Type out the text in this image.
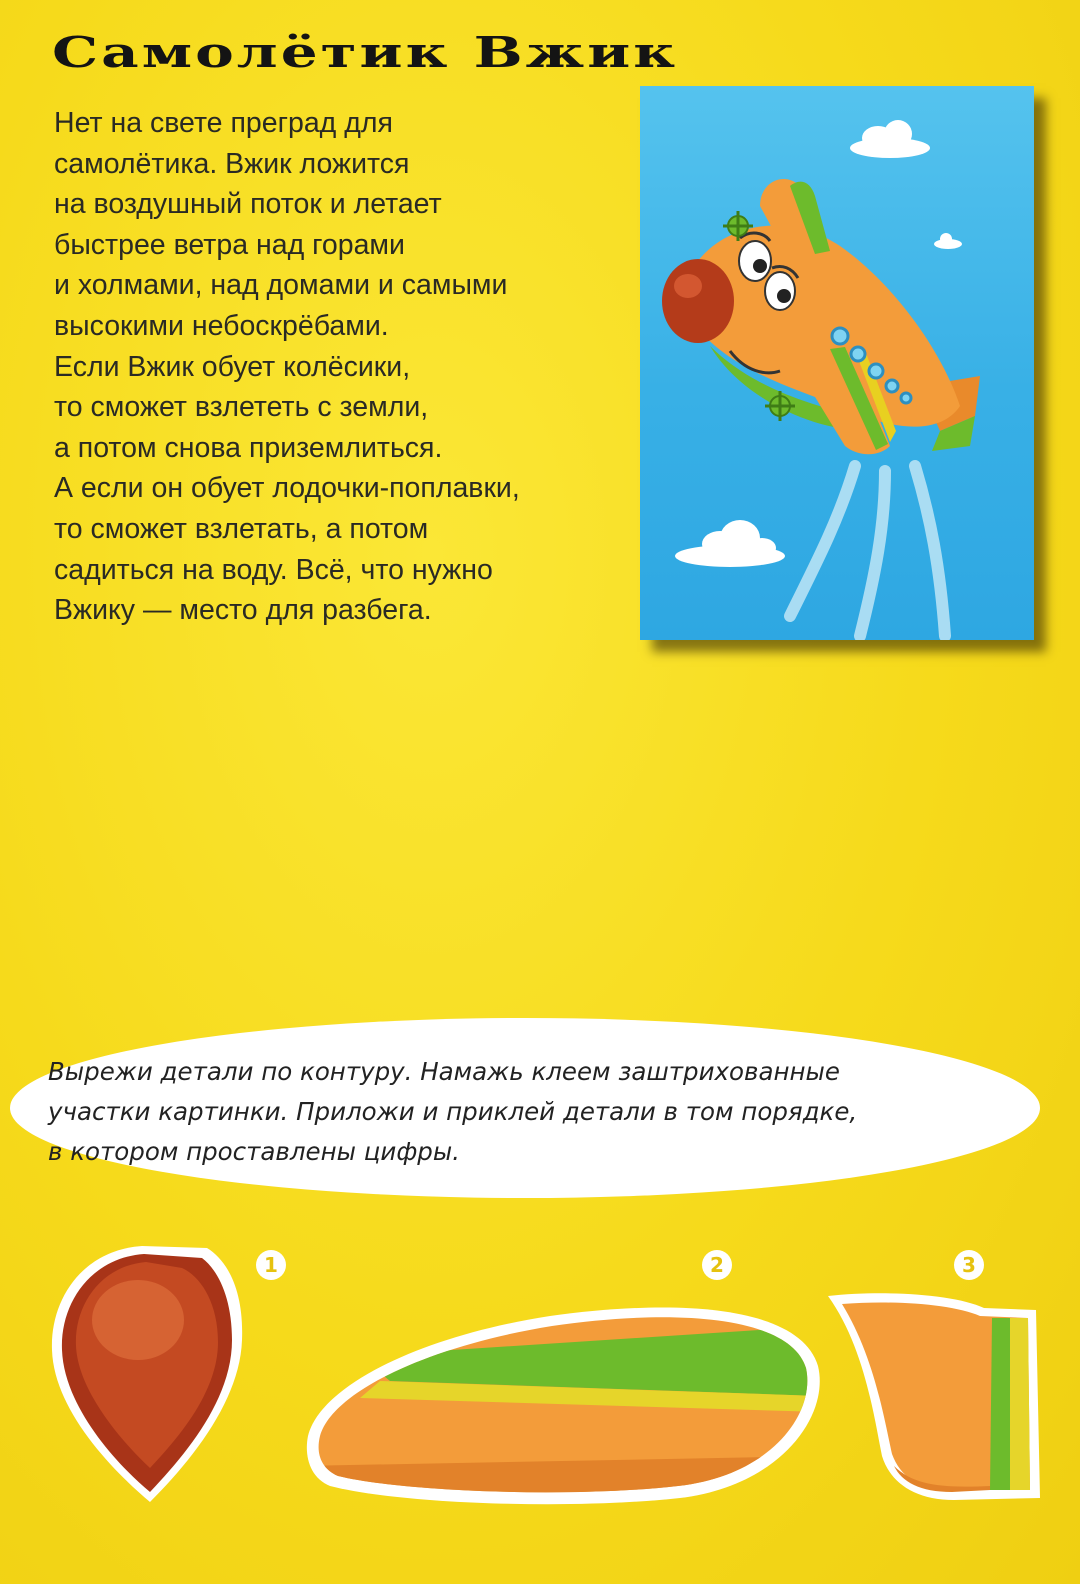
Самолётик Вжик
Нет на свете преград для
самолётика. Вжик ложится
на воздушный поток и летает
быстрее ветра над горами
и холмами, над домами и самыми
высокими небоскрёбами.
Если Вжик обует колёсики,
то сможет взлететь с земли,
а потом снова приземлиться.
А если он обует лодочки-поплавки,
то сможет взлетать, а потом
садиться на воду. Всё, что нужно
Вжику — место для разбега.
Вырежи детали по контуру. Намажь клеем заштрихованные
участки картинки. Приложи и приклей детали в том порядке,
в котором проставлены цифры.
1	2	3
